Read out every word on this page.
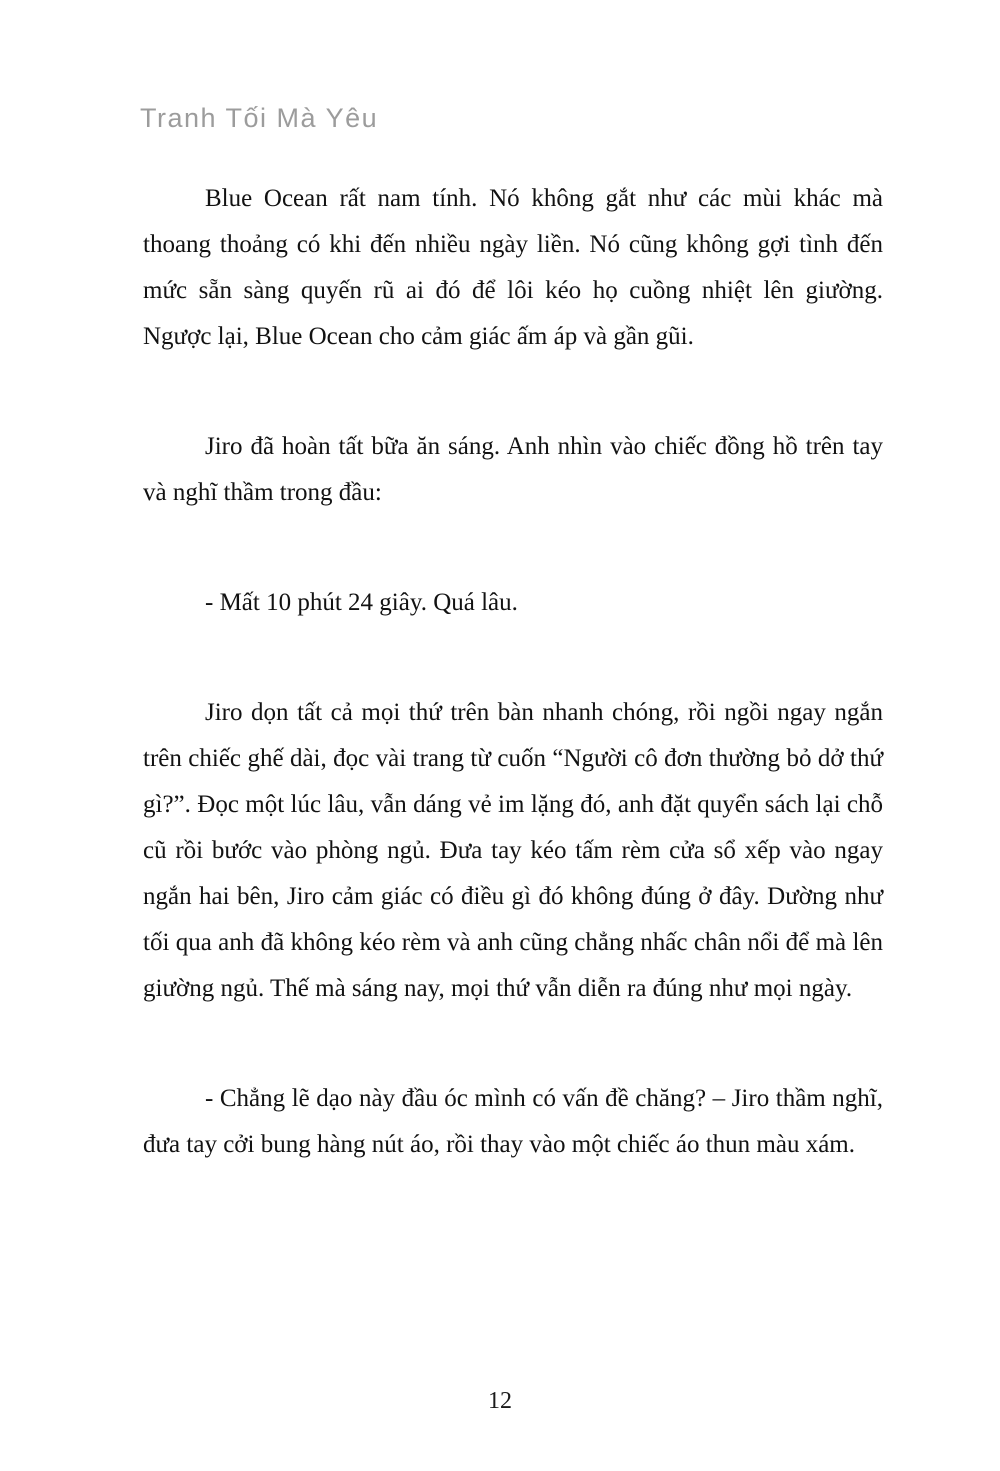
Tranh Tối Mà Yêu

Blue Ocean rất nam tính. Nó không gắt như các mùi khác mà thoang thoảng có khi đến nhiều ngày liền. Nó cũng không gợi tình đến mức sẵn sàng quyến rũ ai đó để lôi kéo họ cuồng nhiệt lên giường. Ngược lại, Blue Ocean cho cảm giác ấm áp và gần gũi.

Jiro đã hoàn tất bữa ăn sáng. Anh nhìn vào chiếc đồng hồ trên tay và nghĩ thầm trong đầu:

- Mất 10 phút 24 giây. Quá lâu.

Jiro dọn tất cả mọi thứ trên bàn nhanh chóng, rồi ngồi ngay ngắn trên chiếc ghế dài, đọc vài trang từ cuốn “Người cô đơn thường bỏ dở thứ gì?”. Đọc một lúc lâu, vẫn dáng vẻ im lặng đó, anh đặt quyển sách lại chỗ cũ rồi bước vào phòng ngủ. Đưa tay kéo tấm rèm cửa sổ xếp vào ngay ngắn hai bên, Jiro cảm giác có điều gì đó không đúng ở đây. Dường như tối qua anh đã không kéo rèm và anh cũng chẳng nhấc chân nổi để mà lên giường ngủ. Thế mà sáng nay, mọi thứ vẫn diễn ra đúng như mọi ngày.

- Chẳng lẽ dạo này đầu óc mình có vấn đề chăng? – Jiro thầm nghĩ, đưa tay cởi bung hàng nút áo, rồi thay vào một chiếc áo thun màu xám.

12
